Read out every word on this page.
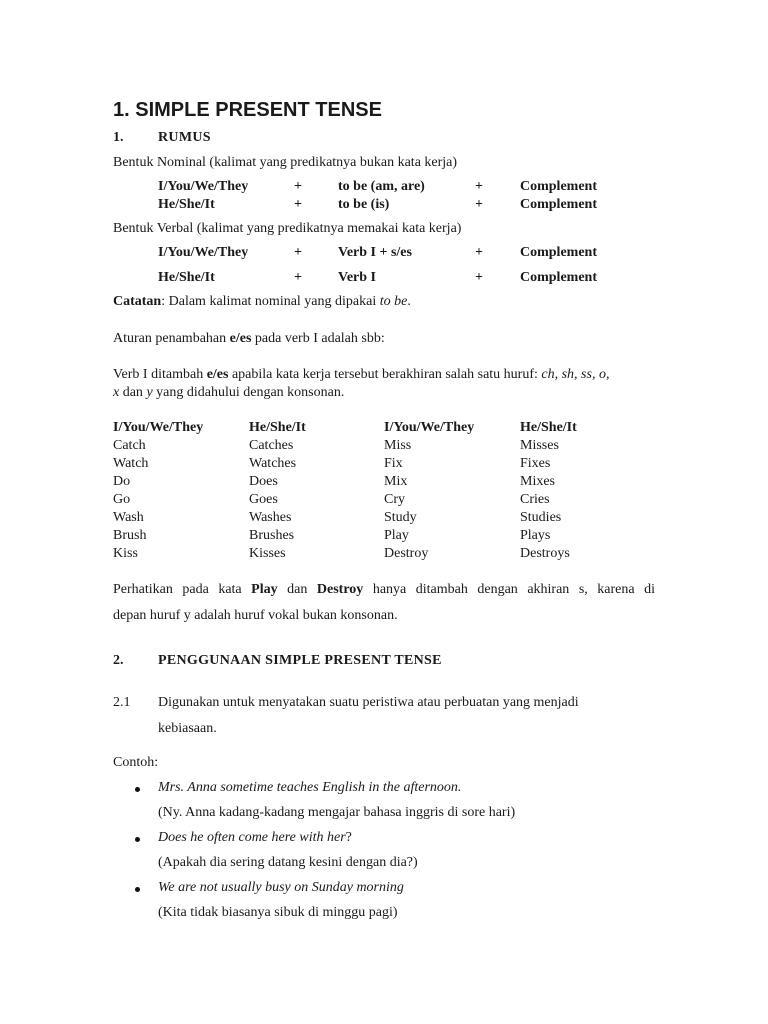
1. SIMPLE PRESENT TENSE
1. RUMUS
Bentuk Nominal (kalimat yang predikatnya bukan kata kerja)
I/You/We/They	+	to be (am, are)	+	Complement
He/She/It	+	to be (is)	+	Complement
Bentuk Verbal (kalimat yang predikatnya memakai kata kerja)
I/You/We/They	+	Verb I + s/es	+	Complement
He/She/It	+	Verb I	+	Complement
Catatan: Dalam kalimat nominal yang dipakai to be.
Aturan penambahan e/es pada verb I adalah sbb:
Verb I ditambah e/es apabila kata kerja tersebut berakhiran salah satu huruf: ch, sh, ss, o,
x dan y yang didahului dengan konsonan.
I/You/We/They	He/She/It	I/You/We/They	He/She/It
Catch	Catches	Miss	Misses
Watch	Watches	Fix	Fixes
Do	Does	Mix	Mixes
Go	Goes	Cry	Cries
Wash	Washes	Study	Studies
Brush	Brushes	Play	Plays
Kiss	Kisses	Destroy	Destroys
Perhatikan pada kata Play dan Destroy hanya ditambah dengan akhiran s, karena di
depan huruf y adalah huruf vokal bukan konsonan.
2. PENGGUNAAN SIMPLE PRESENT TENSE
2.1 Digunakan untuk menyatakan suatu peristiwa atau perbuatan yang menjadi
kebiasaan.
Contoh:
Mrs. Anna sometime teaches English in the afternoon.
(Ny. Anna kadang-kadang mengajar bahasa inggris di sore hari)
Does he often come here with her?
(Apakah dia sering datang kesini dengan dia?)
We are not usually busy on Sunday morning
(Kita tidak biasanya sibuk di minggu pagi)
